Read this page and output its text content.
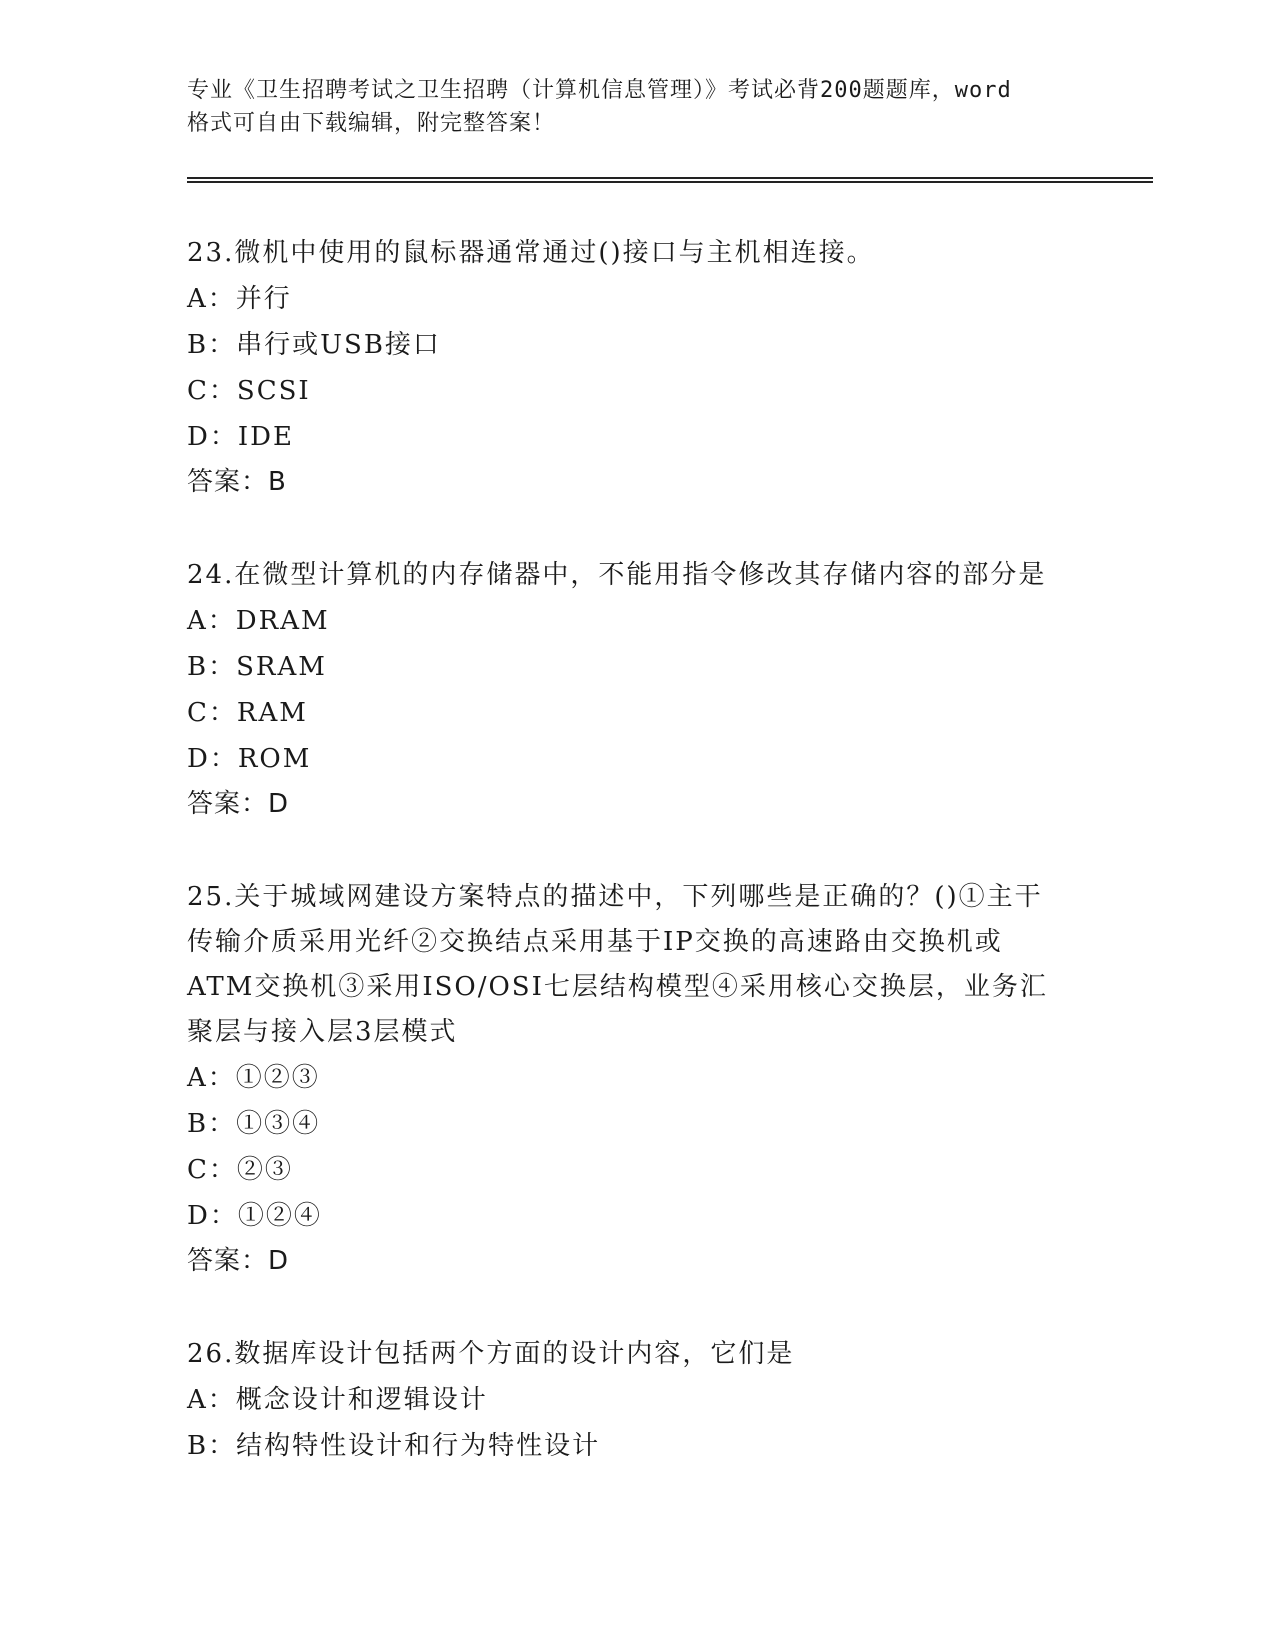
专业《卫生招聘考试之卫生招聘（计算机信息管理）》考试必背200题题库，word
格式可自由下载编辑，附完整答案！

23.微机中使用的鼠标器通常通过()接口与主机相连接。

A：并行

B：串行或USB接口

C：SCSI

D：IDE

答案：B

24.在微型计算机的内存储器中，不能用指令修改其存储内容的部分是

A：DRAM

B：SRAM

C：RAM

D：ROM

答案：D

25.关于城域网建设方案特点的描述中，下列哪些是正确的？()①主干

传输介质采用光纤②交换结点采用基于IP交换的高速路由交换机或

ATM交换机③采用ISO/OSI七层结构模型④采用核心交换层，业务汇

聚层与接入层3层模式

A：①②③

B：①③④

C：②③

D：①②④

答案：D

26.数据库设计包括两个方面的设计内容，它们是

A：概念设计和逻辑设计

B：结构特性设计和行为特性设计
